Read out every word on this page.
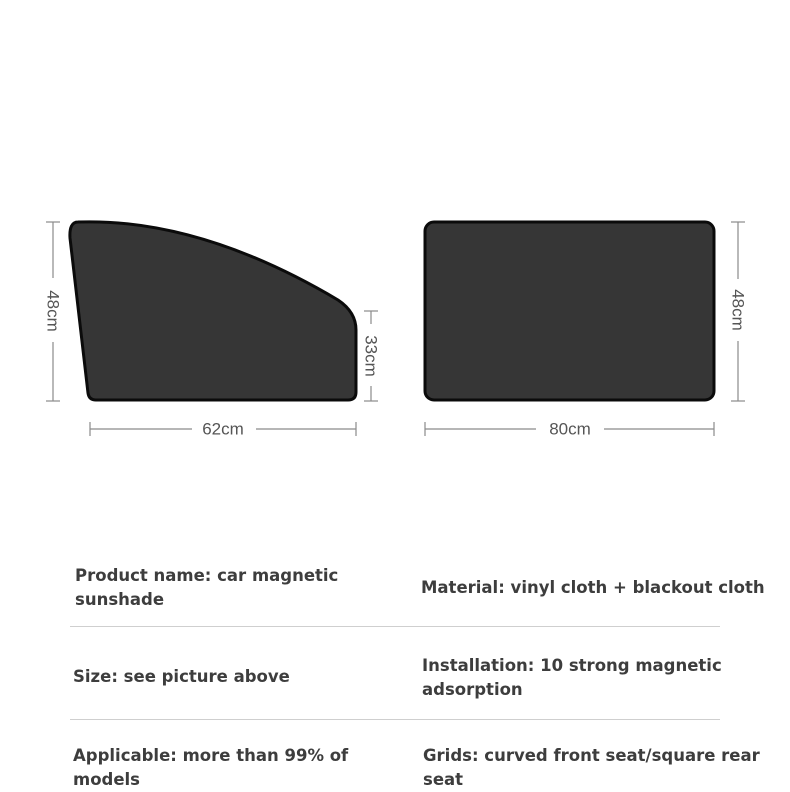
48cm
33cm
62cm	80cm
48cm

Product name: car magnetic sunshade

Material: vinyl cloth + blackout cloth

Size: see picture above

Installation: 10 strong magnetic adsorption

Applicable: more than 99% of models

Grids: curved front seat/square rear seat
